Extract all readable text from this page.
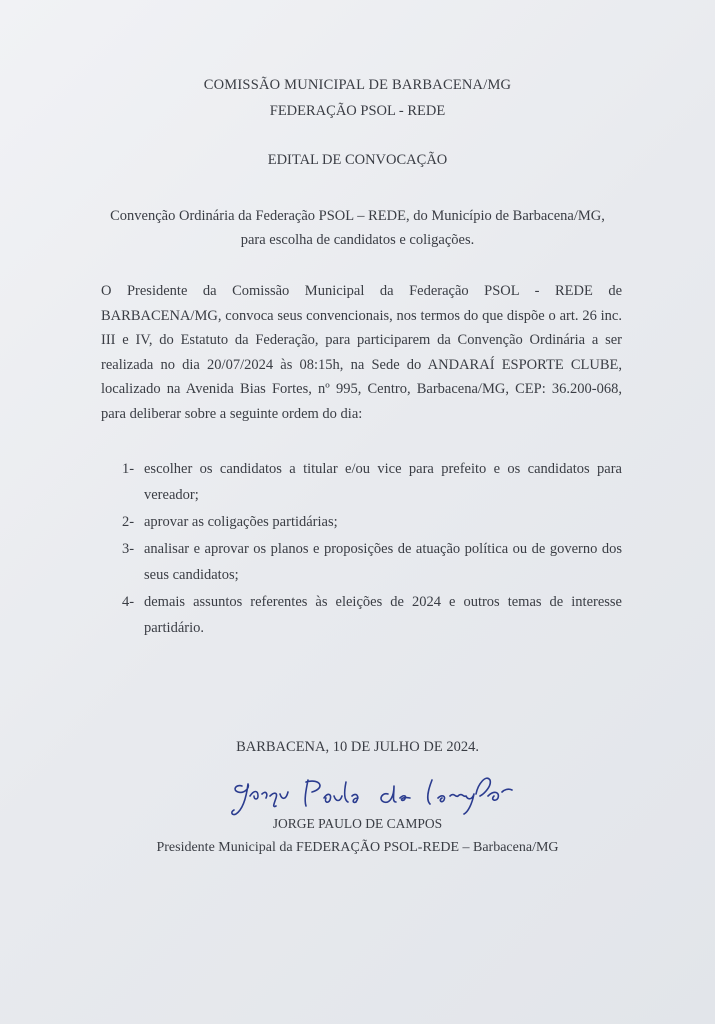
COMISSÃO MUNICIPAL DE BARBACENA/MG
FEDERAÇÃO PSOL - REDE
EDITAL DE CONVOCAÇÃO
Convenção Ordinária da Federação PSOL – REDE, do Município de Barbacena/MG,
para escolha de candidatos e coligações.

O Presidente da Comissão Municipal da Federação PSOL - REDE de BARBACENA/MG, convoca seus convencionais, nos termos do que dispõe o art. 26 inc. III e IV, do Estatuto da Federação, para participarem da Convenção Ordinária a ser realizada no dia 20/07/2024 às 08:15h, na Sede do ANDARAÍ ESPORTE CLUBE, localizado na Avenida Bias Fortes, nº 995, Centro, Barbacena/MG, CEP: 36.200-068, para deliberar sobre a seguinte ordem do dia:

1- escolher os candidatos a titular e/ou vice para prefeito e os candidatos para vereador;
2- aprovar as coligações partidárias;
3- analisar e aprovar os planos e proposições de atuação política ou de governo dos seus candidatos;
4- demais assuntos referentes às eleições de 2024 e outros temas de interesse partidário.
BARBACENA, 10 DE JULHO DE 2024.
JORGE PAULO DE CAMPOS
Presidente Municipal da FEDERAÇÃO PSOL-REDE – Barbacena/MG
